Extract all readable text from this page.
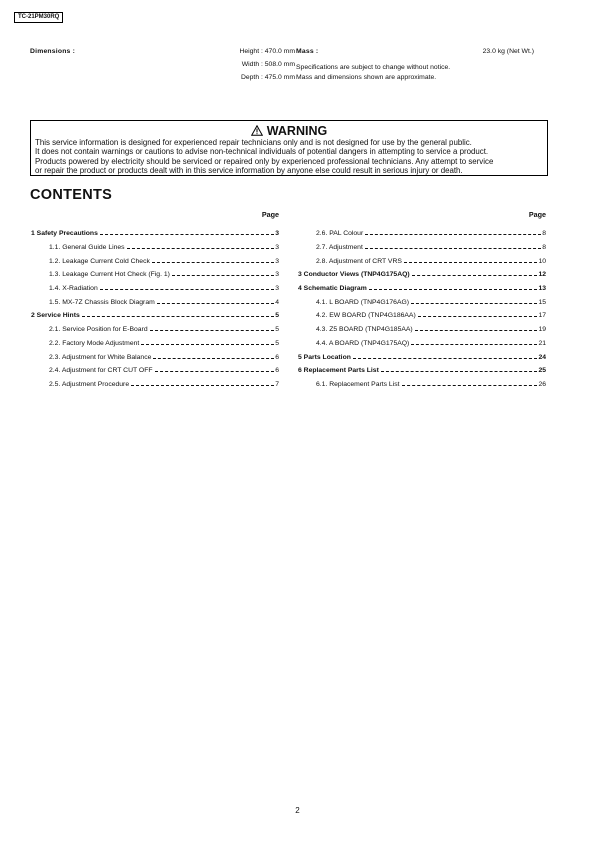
TC-21PM30RQ
Dimensions :	Height : 470.0 mm
Width : 508.0 mm
Depth : 475.0 mm
Mass :	23.0 kg (Net Wt.)
Specifications are subject to change without notice.
Mass and dimensions shown are approximate.
WARNING
This service information is designed for experienced repair technicians only and is not designed for use by the general public.
It does not contain warnings or cautions to advise non-technical individuals of potential dangers in attempting to service a product.
Products powered by electricity should be serviced or repaired only by experienced professional technicians. Any attempt to service
or repair the product or products dealt with in this service information by anyone else could result in serious injury or death.
CONTENTS
Page
1 Safety Precautions	3
1.1. General Guide Lines	3
1.2. Leakage Current Cold Check	3
1.3. Leakage Current Hot Check (Fig. 1)	3
1.4. X-Radiation	3
1.5. MX-7Z Chassis Block Diagram	4
2 Service Hints	5
2.1. Service Position for E-Board	5
2.2. Factory Mode Adjustment	5
2.3. Adjustment for White Balance	6
2.4. Adjustment for CRT CUT OFF	6
2.5. Adjustment Procedure	7
Page
2.6. PAL Colour	8
2.7. Adjustment	8
2.8. Adjustment of CRT VRS	10
3 Conductor Views (TNP4G175AQ)	12
4 Schematic Diagram	13
4.1. L BOARD (TNP4G176AG)	15
4.2. EW BOARD (TNP4G186AA)	17
4.3. Z5 BOARD (TNP4G185AA)	19
4.4. A BOARD (TNP4G175AQ)	21
5 Parts Location	24
6 Replacement Parts List	25
6.1. Replacement Parts List	26
2
